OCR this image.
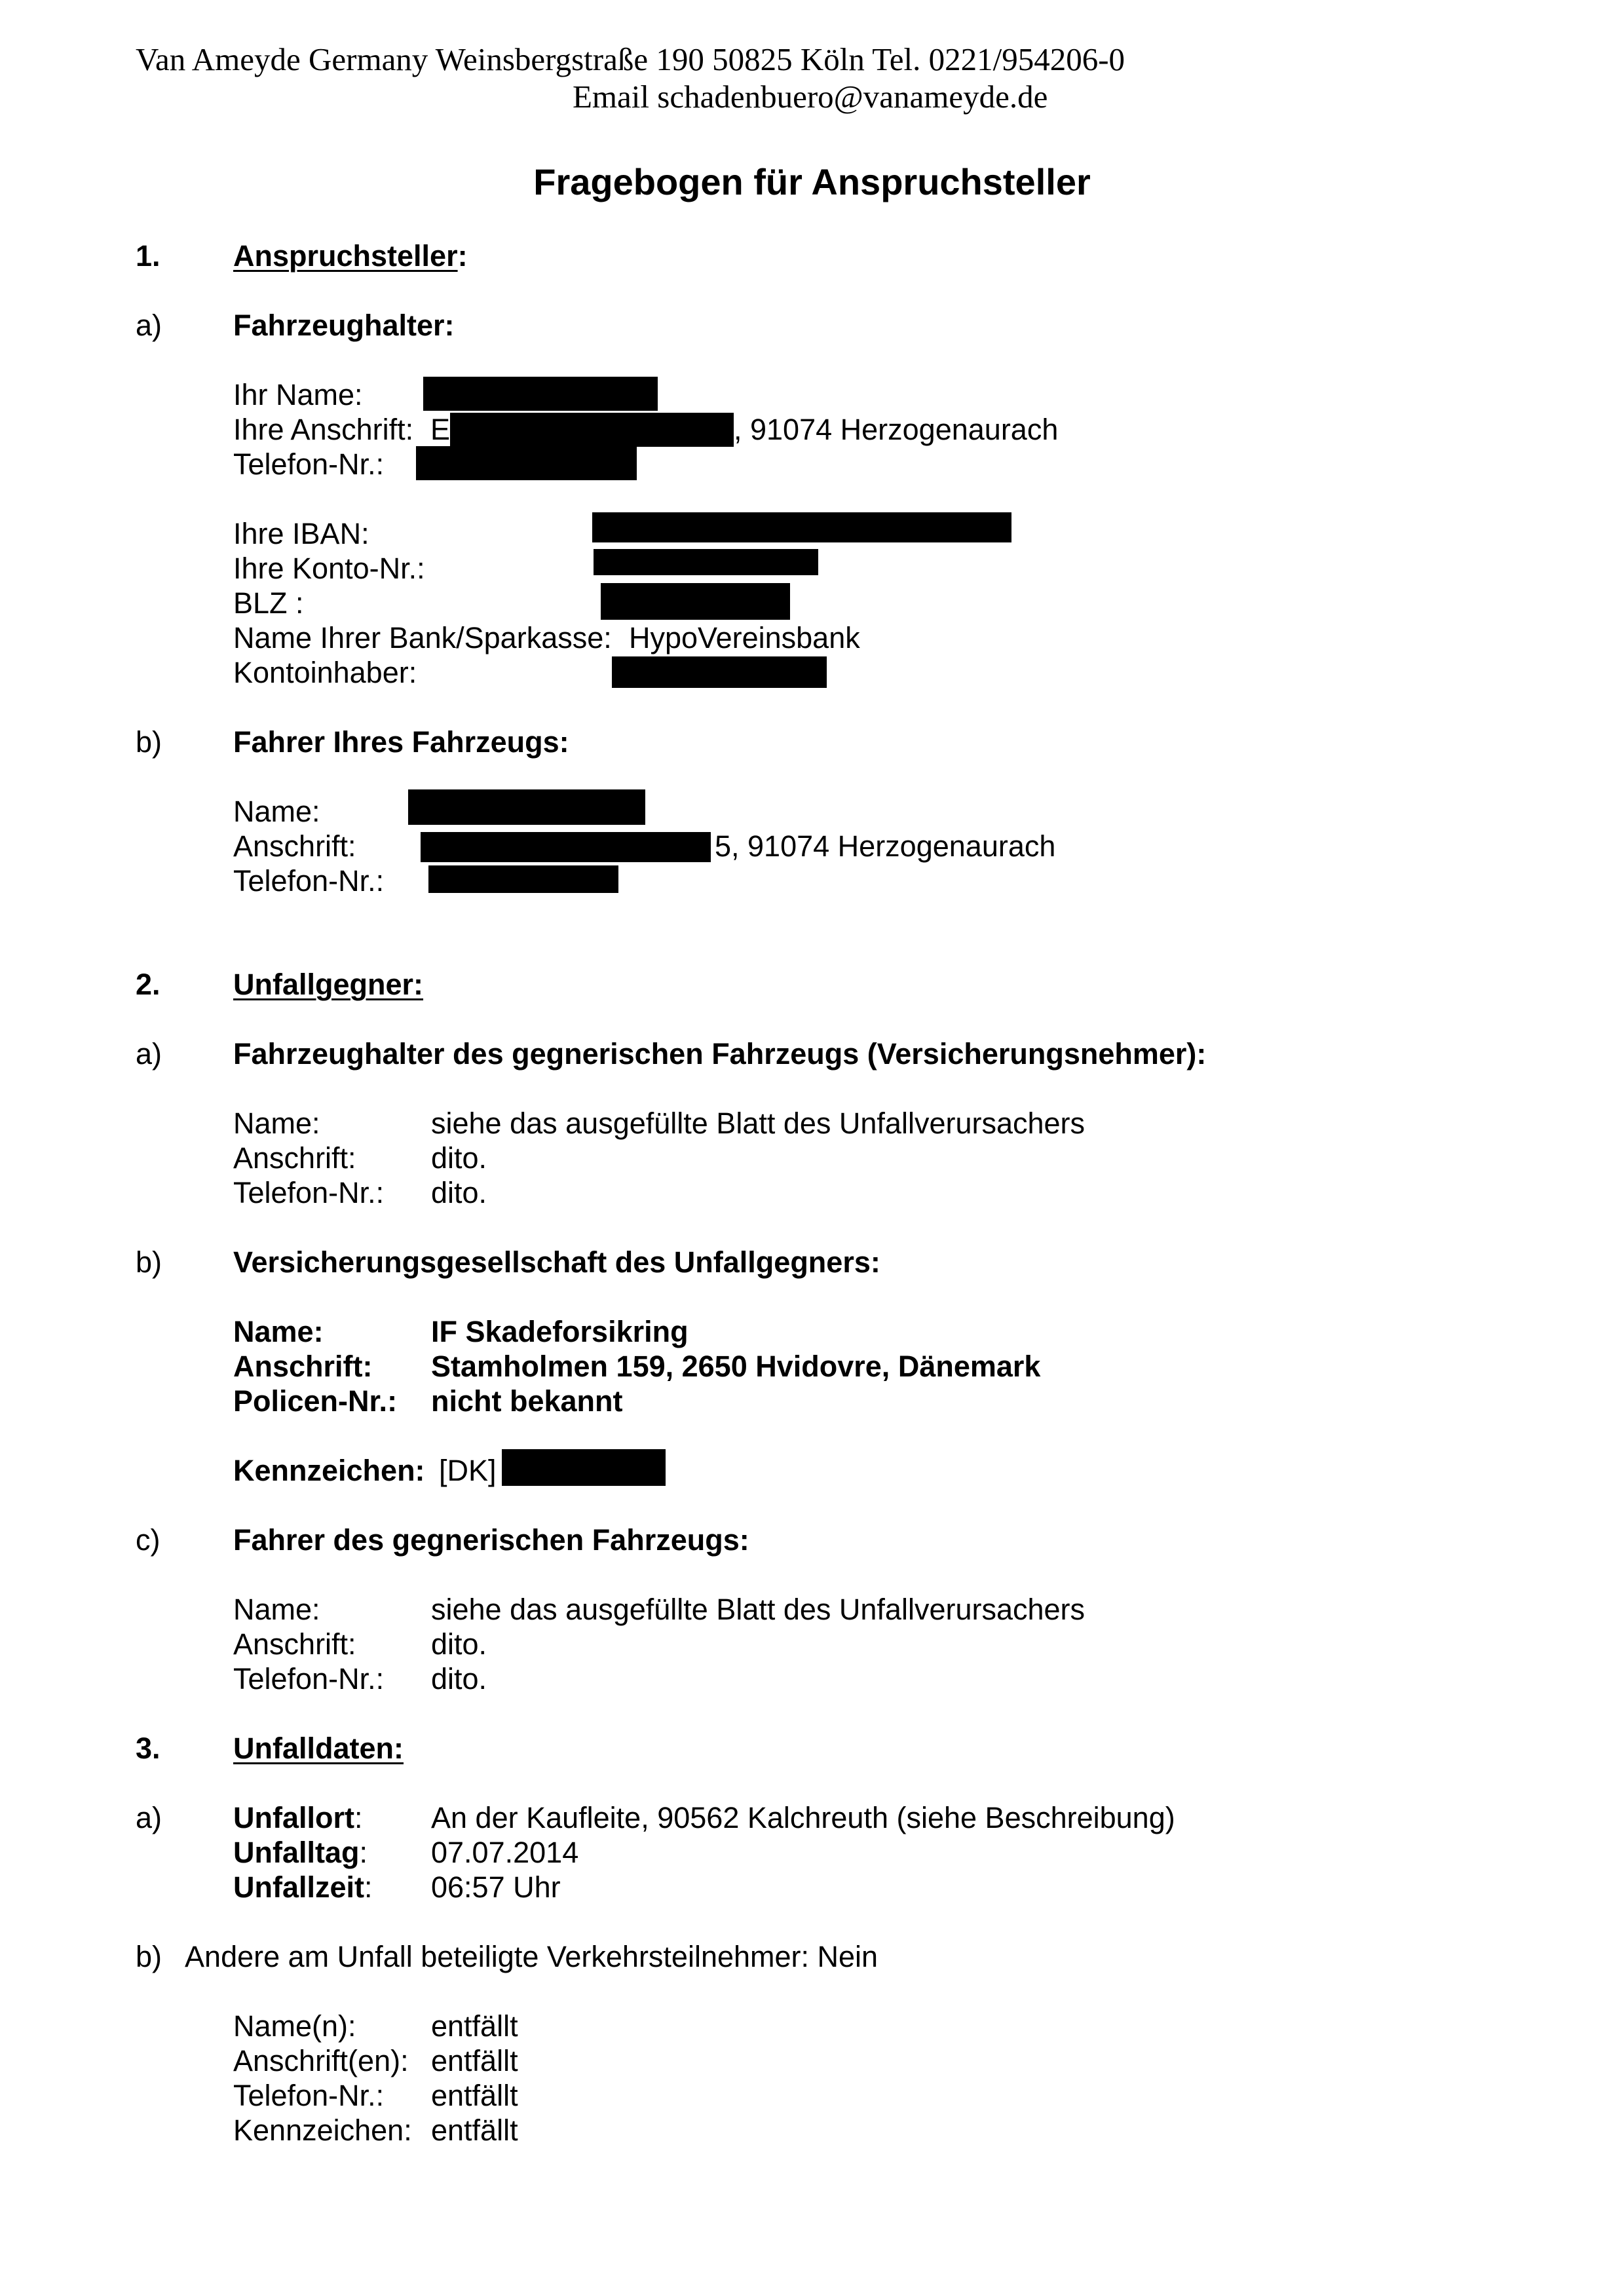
Van Ameyde Germany Weinsbergstraße 190 50825 Köln Tel. 0221/954206-0
Email schadenbuero@vanameyde.de
Fragebogen für Anspruchsteller
1. Anspruchsteller:
a) Fahrzeughalter:
Ihr Name:
Ihre Anschrift: E	, 91074 Herzogenaurach
Telefon-Nr.:
Ihre IBAN:
Ihre Konto-Nr.:
BLZ :
Name Ihrer Bank/Sparkasse: HypoVereinsbank
Kontoinhaber:
b) Fahrer Ihres Fahrzeugs:
Name:
Anschrift:	5, 91074 Herzogenaurach
Telefon-Nr.:
2. Unfallgegner:
a) Fahrzeughalter des gegnerischen Fahrzeugs (Versicherungsnehmer):
Name:	siehe das ausgefüllte Blatt des Unfallverursachers
Anschrift:	dito.
Telefon-Nr.: dito.
b) Versicherungsgesellschaft des Unfallgegners:
Name:	IF Skadeforsikring
Anschrift: Stamholmen 159, 2650 Hvidovre, Dänemark
Policen-Nr.: nicht bekannt
Kennzeichen: [DK]
c) Fahrer des gegnerischen Fahrzeugs:
Name:	siehe das ausgefüllte Blatt des Unfallverursachers
Anschrift:	dito.
Telefon-Nr.: dito.
3. Unfalldaten:
a) Unfallort: An der Kaufleite, 90562 Kalchreuth (siehe Beschreibung)
Unfalltag: 07.07.2014
Unfallzeit: 06:57 Uhr
b)   Andere am Unfall beteiligte Verkehrsteilnehmer: Nein
Name(n):	entfällt
Anschrift(en): entfällt
Telefon-Nr.: entfällt
Kennzeichen: entfällt
